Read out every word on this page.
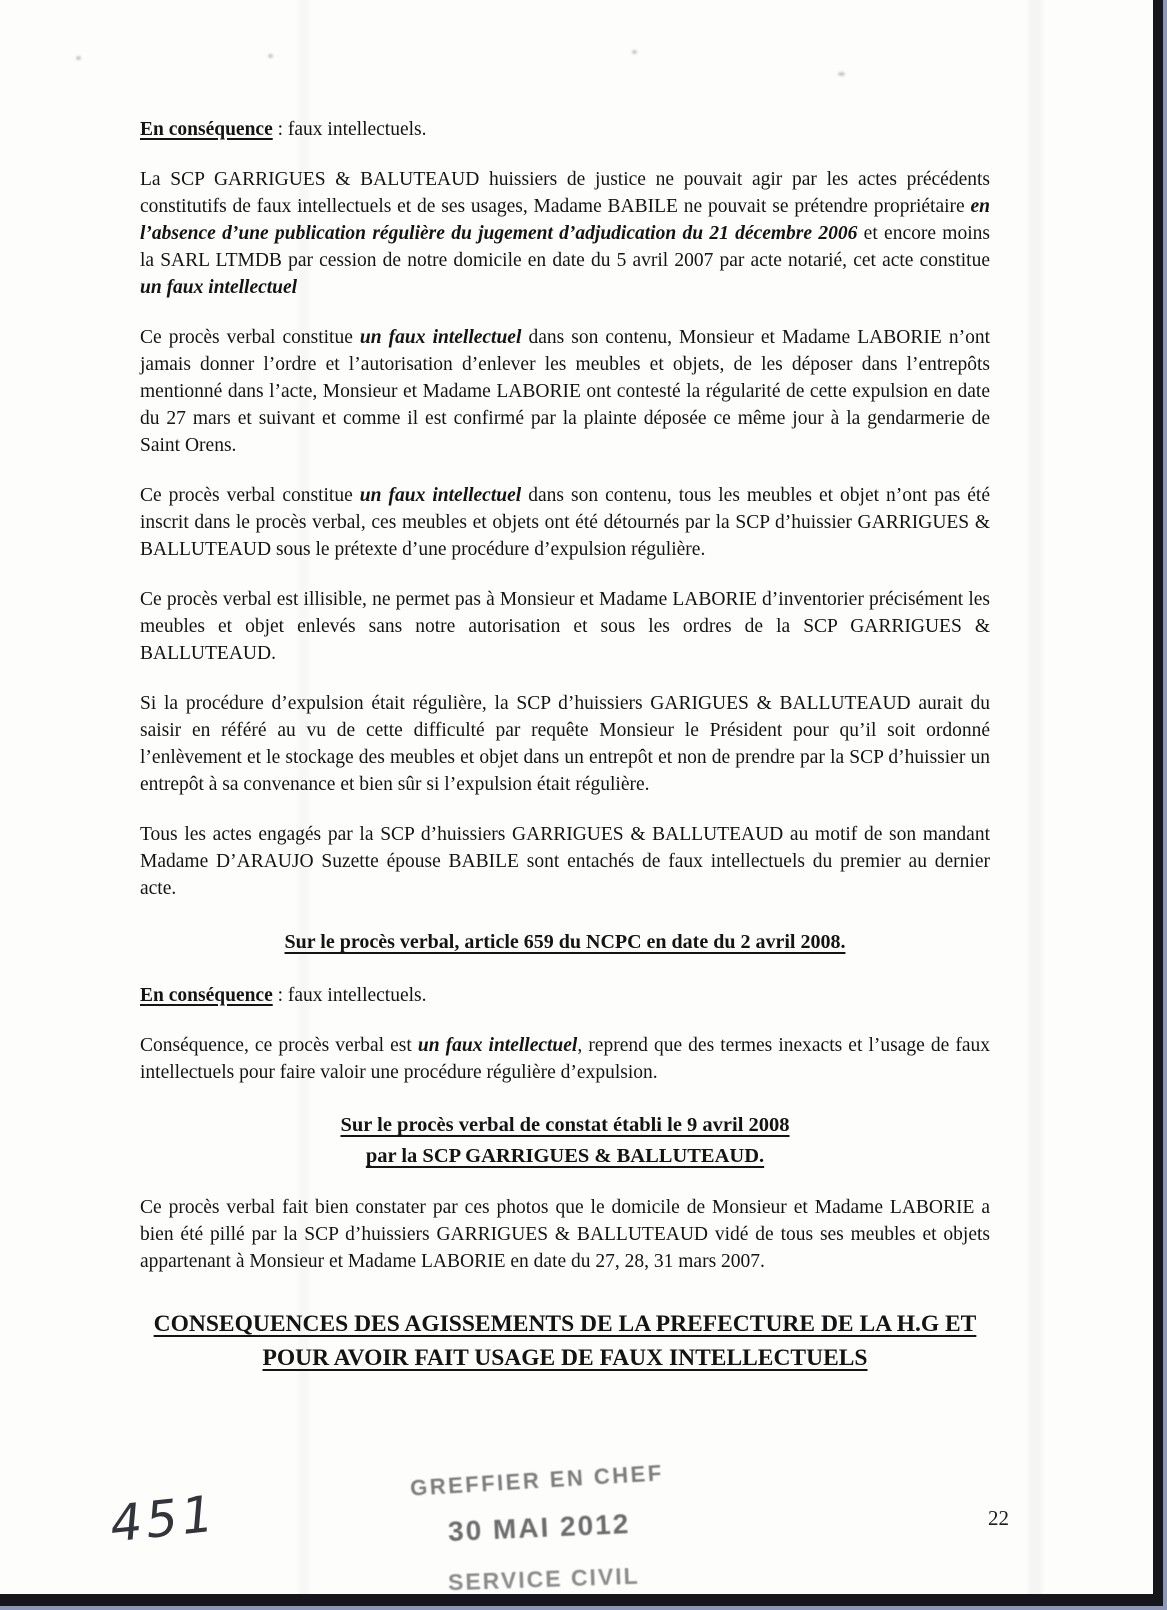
En conséquence : faux intellectuels.

La SCP GARRIGUES & BALUTEAUD huissiers de justice ne pouvait agir par les actes précédents constitutifs de faux intellectuels et de ses usages, Madame BABILE ne pouvait se prétendre propriétaire en l’absence d’une publication régulière du jugement d’adjudication du 21 décembre 2006 et encore moins la SARL LTMDB par cession de notre domicile en date du 5 avril 2007 par acte notarié, cet acte constitue un faux intellectuel

Ce procès verbal constitue un faux intellectuel dans son contenu, Monsieur et Madame LABORIE n’ont jamais donner l’ordre et l’autorisation d’enlever les meubles et objets, de les déposer dans l’entrepôts mentionné dans l’acte, Monsieur et Madame LABORIE ont contesté la régularité de cette expulsion en date du 27 mars et suivant et comme il est confirmé par la plainte déposée ce même jour à la gendarmerie de Saint Orens.

Ce procès verbal constitue un faux intellectuel dans son contenu, tous les meubles et objet n’ont pas été inscrit dans le procès verbal, ces meubles et objets ont été détournés par la SCP d’huissier GARRIGUES & BALLUTEAUD sous le prétexte d’une procédure d’expulsion régulière.

Ce procès verbal est illisible, ne permet pas à Monsieur et Madame LABORIE d’inventorier précisément les meubles et objet enlevés sans notre autorisation et sous les ordres de la SCP GARRIGUES & BALLUTEAUD.

Si la procédure d’expulsion était régulière, la SCP d’huissiers GARIGUES & BALLUTEAUD aurait du saisir en référé au vu de cette difficulté par requête Monsieur le Président pour qu’il soit ordonné l’enlèvement et le stockage des meubles et objet dans un entrepôt et non de prendre par la SCP d’huissier un entrepôt à sa convenance et bien sûr si l’expulsion était régulière.

Tous les actes engagés par la SCP d’huissiers GARRIGUES & BALLUTEAUD au motif de son mandant Madame D’ARAUJO Suzette épouse BABILE sont entachés de faux intellectuels du premier au dernier acte.

Sur le procès verbal, article 659 du NCPC en date du 2 avril 2008.

En conséquence : faux intellectuels.

Conséquence, ce procès verbal est un faux intellectuel, reprend que des termes inexacts et l’usage de faux intellectuels pour faire valoir une procédure régulière d’expulsion.

Sur le procès verbal de constat établi le 9 avril 2008
par la SCP GARRIGUES & BALLUTEAUD.

Ce procès verbal fait bien constater par ces photos que le domicile de Monsieur et Madame LABORIE a bien été pillé par la SCP d’huissiers GARRIGUES & BALLUTEAUD vidé de tous ses meubles et objets appartenant à Monsieur et Madame LABORIE en date du 27, 28, 31 mars 2007.

CONSEQUENCES DES AGISSEMENTS DE LA PREFECTURE DE LA H.G ET
POUR AVOIR FAIT USAGE DE FAUX INTELLECTUELS
GREFFIER EN CHEF
30 MAI 2012
SERVICE CIVIL
451	22
